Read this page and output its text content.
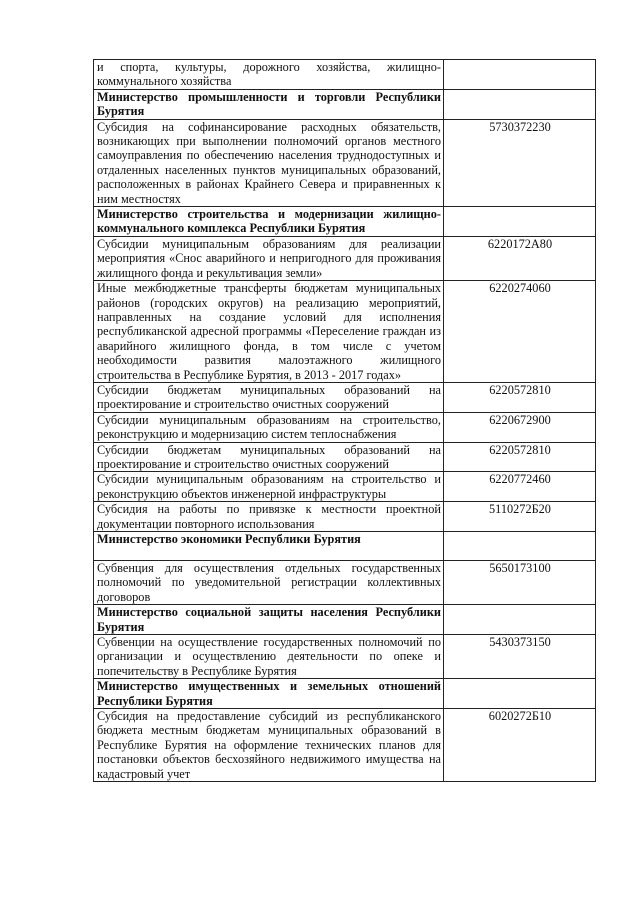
и спорта, культуры, дорожного хозяйства, жилищно-коммунального хозяйства	
Министерство промышленности и торговли Республики Бурятия	
Субсидия на софинансирование расходных обязательств, возникающих при выполнении полномочий органов местного самоуправления по обеспечению населения труднодоступных и отдаленных населенных пунктов муниципальных образований, расположенных в районах Крайнего Севера и приравненных к ним местностях	5730372230
Министерство строительства и модернизации жилищно-коммунального комплекса Республики Бурятия	
Субсидии муниципальным образованиям для реализации мероприятия «Снос аварийного и непригодного для проживания жилищного фонда и рекультивация земли»	6220172А80
Иные межбюджетные трансферты бюджетам муниципальных районов (городских округов) на реализацию мероприятий, направленных на создание условий для исполнения республиканской адресной программы «Переселение граждан из аварийного жилищного фонда, в том числе с учетом необходимости развития малоэтажного жилищного строительства в Республике Бурятия, в 2013 - 2017 годах»	6220274060
Субсидии бюджетам муниципальных образований на проектирование и строительство очистных сооружений	6220572810
Субсидии муниципальным образованиям на строительство, реконструкцию и модернизацию систем теплоснабжения	6220672900
Субсидии бюджетам муниципальных образований на проектирование и строительство очистных сооружений	6220572810
Субсидии муниципальным образованиям на строительство и реконструкцию объектов инженерной инфраструктуры	6220772460
Субсидия на работы по привязке к местности проектной документации повторного использования	5110272Б20
Министерство экономики Республики Бурятия	
Субвенция для осуществления отдельных государственных полномочий по уведомительной регистрации коллективных договоров	5650173100
Министерство социальной защиты населения Республики Бурятия	
Субвенции на осуществление государственных полномочий по организации и осуществлению деятельности по опеке и попечительству в Республике Бурятия	5430373150
Министерство имущественных и земельных отношений Республики Бурятия	
Субсидия на предоставление субсидий из республиканского бюджета местным бюджетам муниципальных образований в Республике Бурятия на оформление технических планов для постановки объектов бесхозяйного недвижимого имущества на кадастровый учет	6020272Б10
